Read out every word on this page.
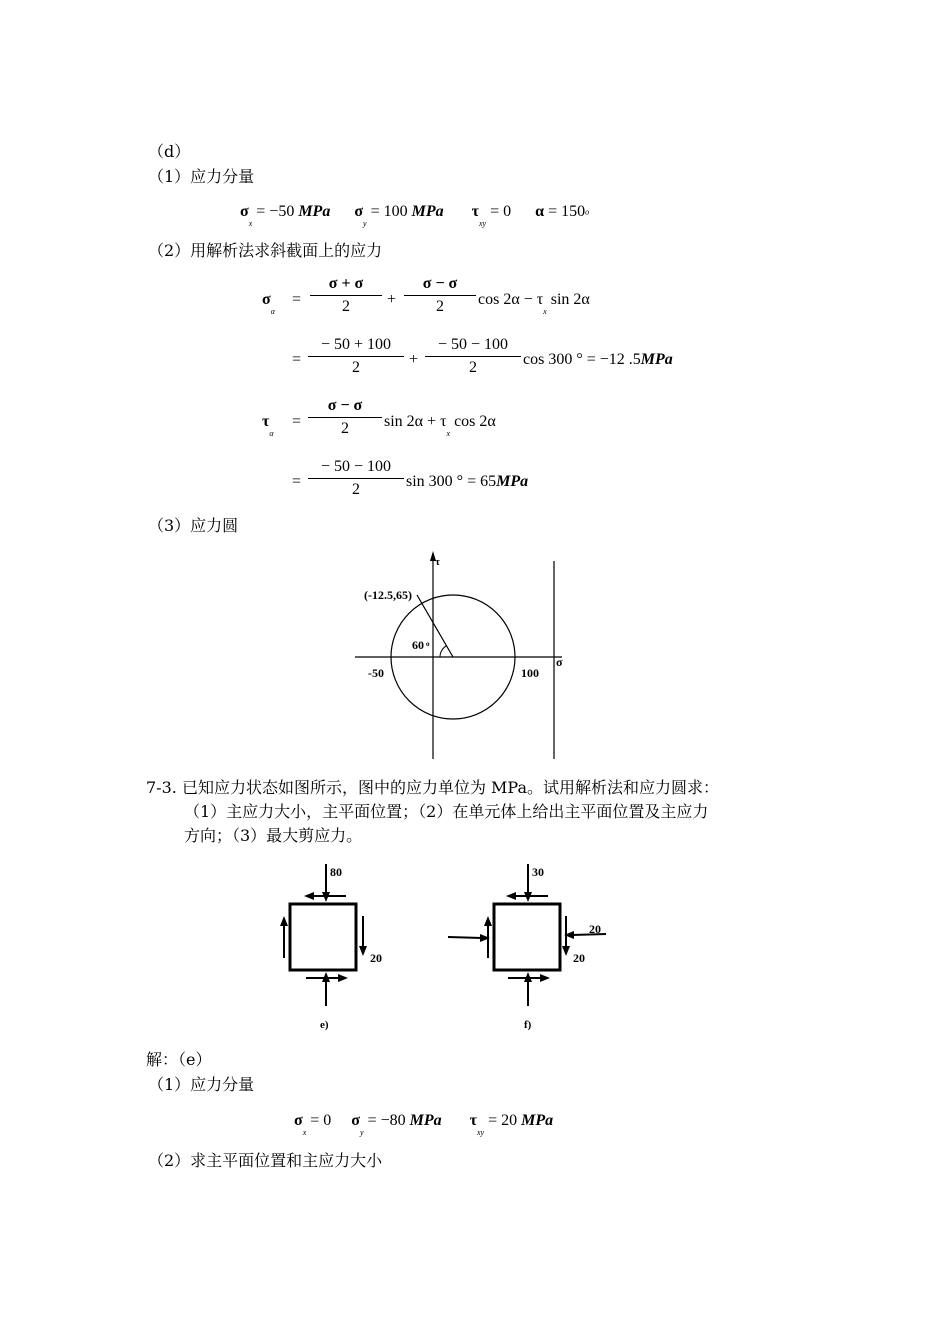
（d）
（1）应力分量
$\sigma_x = -50$ MPa $\sigma_y = 100$ MPa $\tau_{xy} = 0$ α = 150o
（2）用解析法求斜截面上的应力
$\sigma_\alpha$
=
σ + σ
2	+
σ − σ
2	$\cos 2\alpha - \tau_x$ sin 2α
=
− 50 + 100
2	+
− 50 − 100
2	cos 300 ° = −12 .5MPa
$\tau_\alpha$
=
σ − σ
2	$\sin 2\alpha + \tau_x$ cos 2α
=
− 50 − 100
2	sin 300 ° = 65MPa
（3）应力圆
τ
σ
(-12.5,65)
60 o
-50	100
7-3. 已知应力状态如图所示，图中的应力单位为 MPa。试用解析法和应力圆求：
（1）主应力大小，主平面位置；（2）在单元体上给出主平面位置及主应力
方向；（3）最大剪应力。
80
20
e)
30
20
20
f)
解：（e）
（1）应力分量
$\sigma_x = 0$ $\sigma_y = -80$ MPa $\tau_{xy} = 20$ MPa
（2）求主平面位置和主应力大小
